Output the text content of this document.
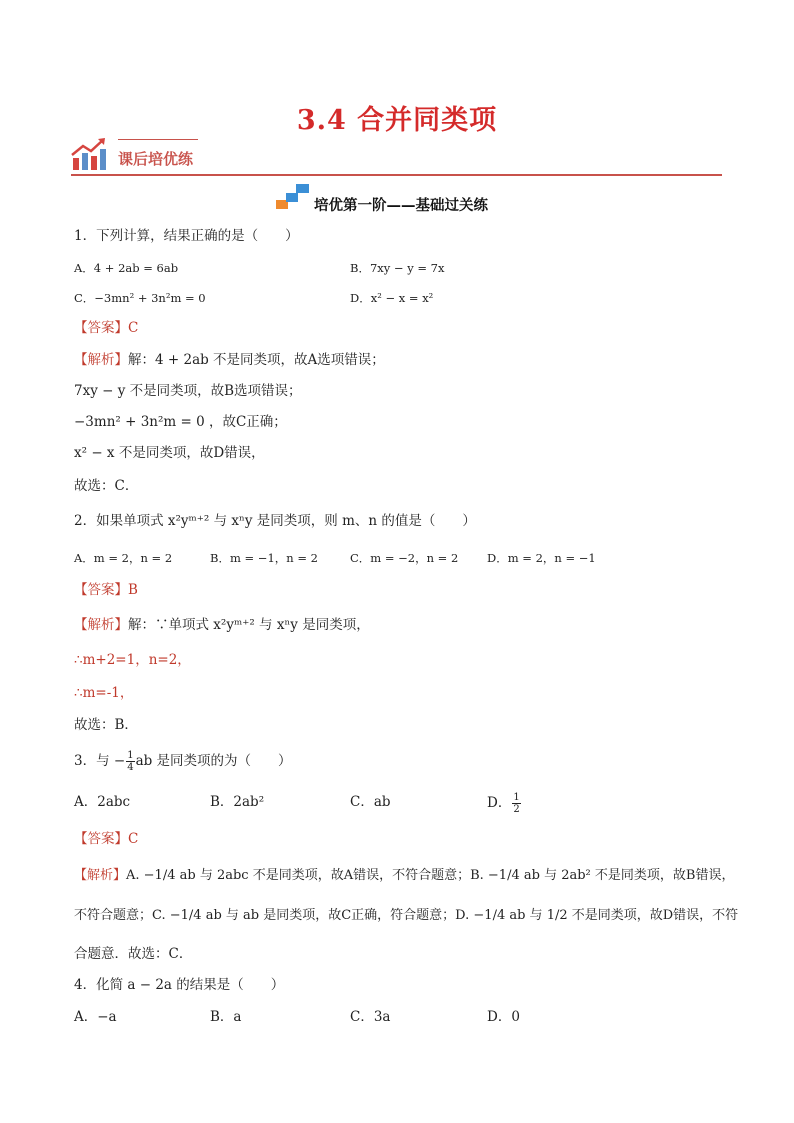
3.4 合并同类项
课后培优练
培优第一阶——基础过关练
1．下列计算，结果正确的是（　　）
A．4 + 2ab = 6ab	B．7xy − y = 7x
C．−3mn² + 3n²m = 0	D．x² − x = x²
【答案】C
【解析】解：4 + 2ab 不是同类项，故A选项错误；
7xy − y 不是同类项，故B选项错误；
−3mn² + 3n²m = 0 ，故C正确；
x² − x 不是同类项，故D错误，
故选：C．
2．如果单项式 x²yᵐ⁺² 与 xⁿy 是同类项，则 m、n 的值是（　　）
A．m = 2，n = 2	B．m = −1，n = 2	C．m = −2，n = 2 D．m = 2，n = −1
【答案】B
【解析】解：∵单项式 x²yᵐ⁺² 与 xⁿy 是同类项，
∴m+2=1，n=2，
∴m=-1，
故选：B．
3．与 − $\frac{1}{4}$ ab 是同类项的为（　　）
A．2abc	B．2ab²	C．ab	D． $\frac{1}{2}$
【答案】C
【解析】A. −1/4 ab 与 2abc 不是同类项，故A错误，不符合题意；B. −1/4 ab 与 2ab² 不是同类项，故B错误，
不符合题意；C. −1/4 ab 与 ab 是同类项，故C正确，符合题意；D. −1/4 ab 与 1/2 不是同类项，故D错误，不符
合题意．故选：C．
4．化简 a − 2a 的结果是（　　）
A．−a	B．a	C．3a	D．0
